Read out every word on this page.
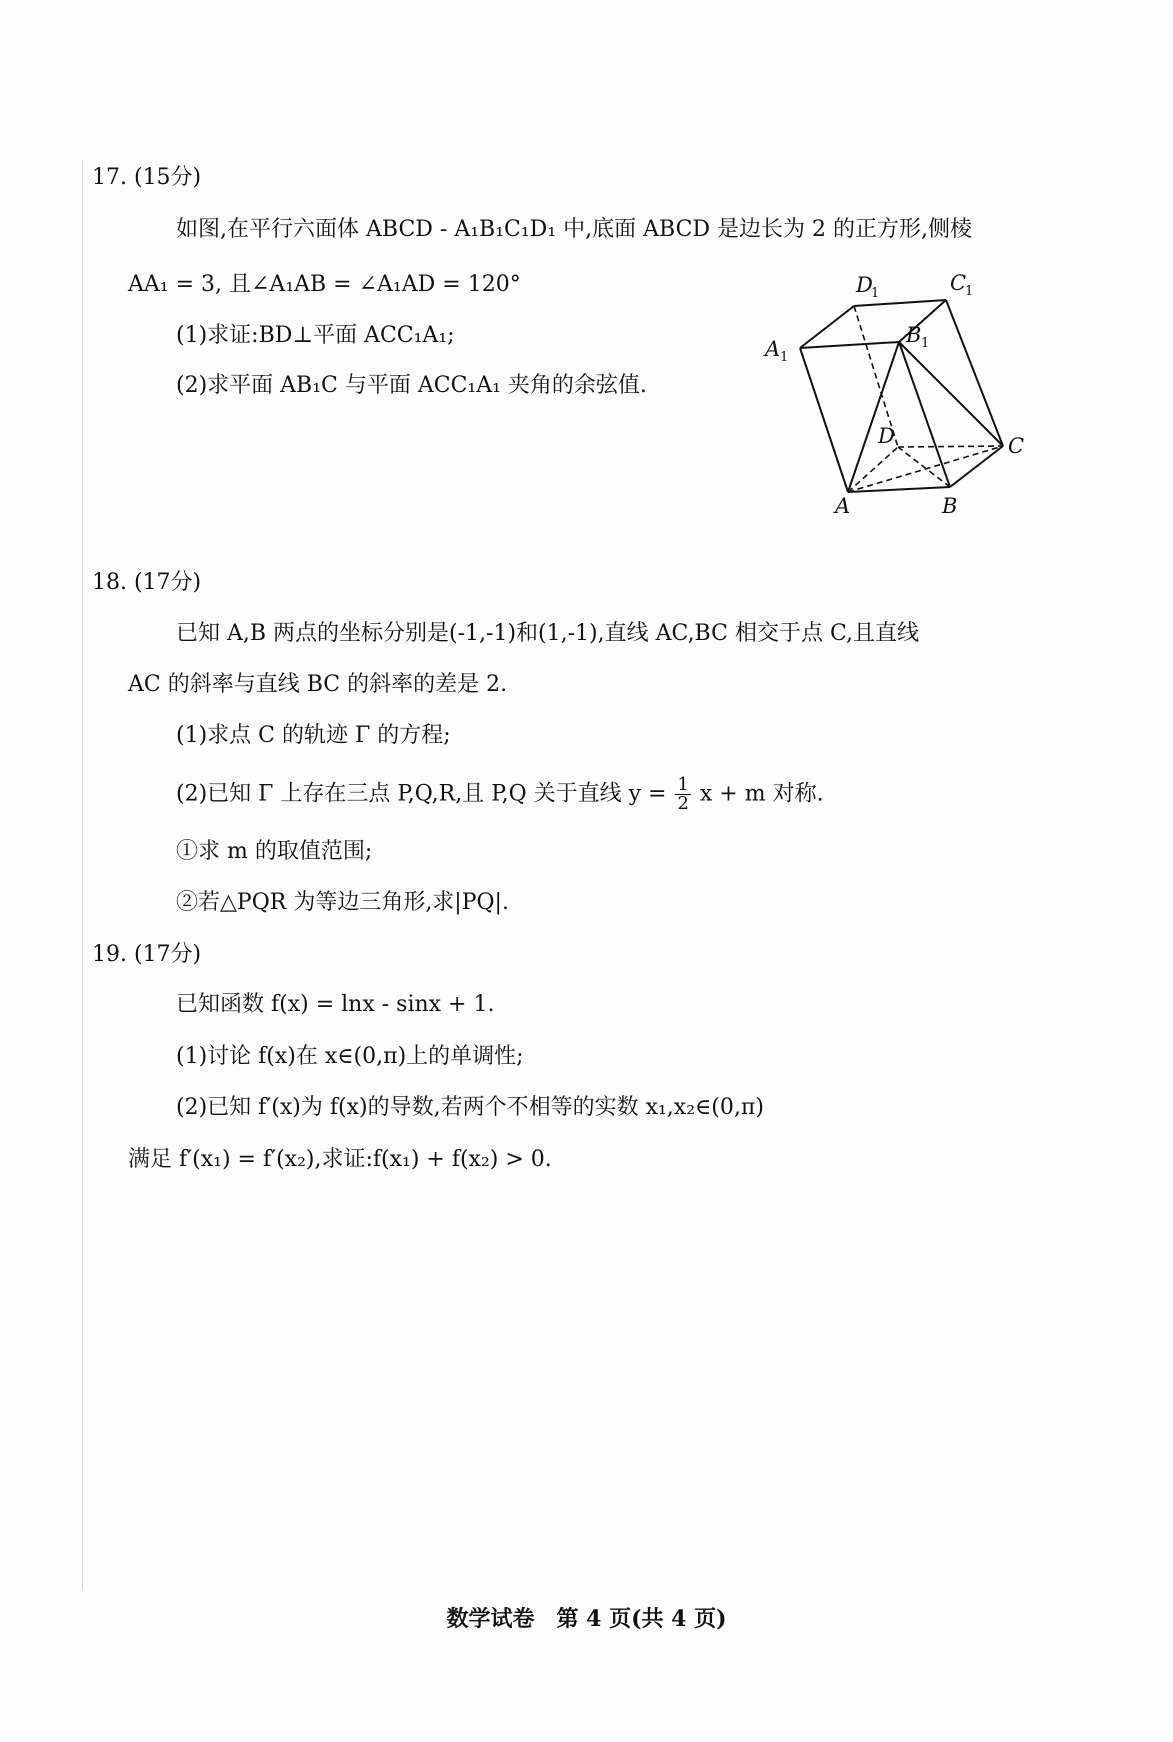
17. (15分)
如图,在平行六面体 ABCD - A₁B₁C₁D₁ 中,底面 ABCD 是边长为 2 的正方形,侧棱
AA₁ = 3, 且∠A₁AB = ∠A₁AD = 120°
(1)求证:BD⊥平面 ACC₁A₁;
(2)求平面 AB₁C 与平面 ACC₁A₁ 夹角的余弦值.
D
1	C
1
A 1
B 1
D	C
A	B
18. (17分)
已知 A,B 两点的坐标分别是(-1,-1)和(1,-1),直线 AC,BC 相交于点 C,且直线
AC 的斜率与直线 BC 的斜率的差是 2.
(1)求点 C 的轨迹 Γ 的方程;
(2)已知 Γ 上存在三点 P,Q,R,且 P,Q 关于直线 $y = \frac{1}{2}$ x + m 对称.
①求 m 的取值范围;
②若△PQR 为等边三角形,求|PQ|.
19. (17分)
已知函数 f(x) = lnx - sinx + 1.
(1)讨论 f(x)在 x∈(0,π)上的单调性;
(2)已知 f′(x)为 f(x)的导数,若两个不相等的实数 x₁,x₂∈(0,π)
满足 f′(x₁) = f′(x₂),求证:f(x₁) + f(x₂) > 0.
数学试卷　第 4 页(共 4 页)
